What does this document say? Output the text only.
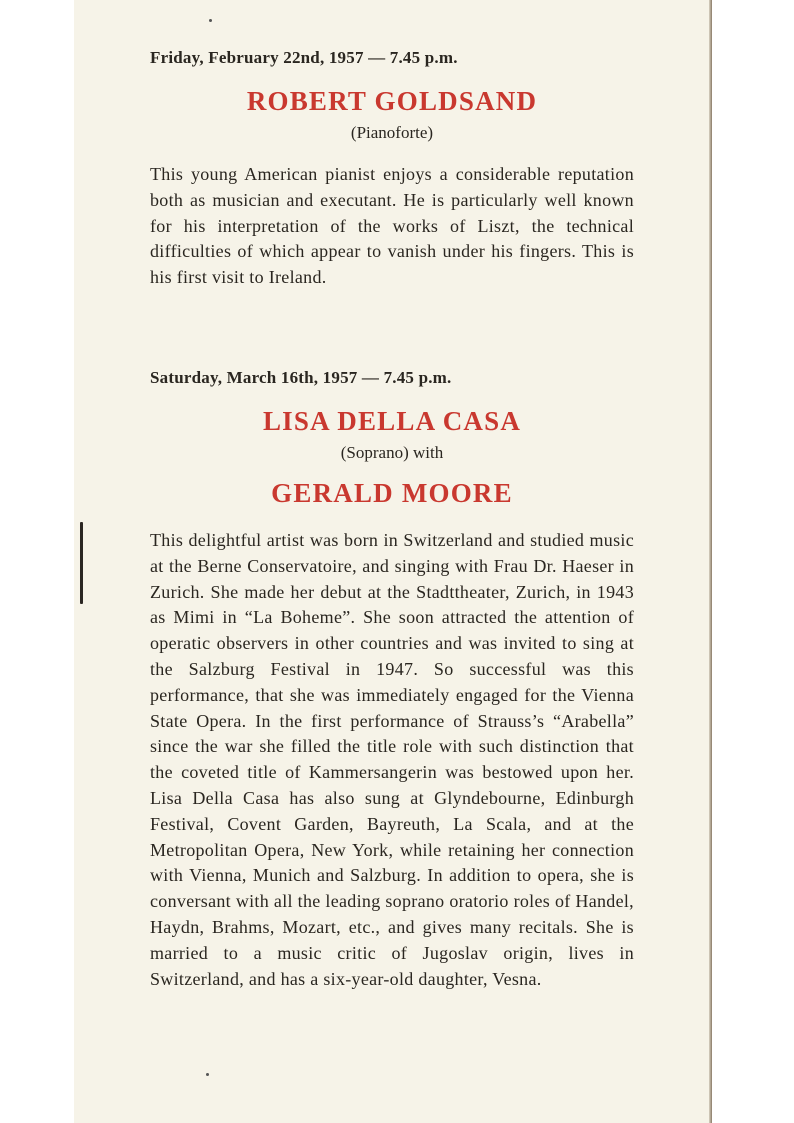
Friday, February 22nd, 1957 — 7.45 p.m.
ROBERT GOLDSAND
(Pianoforte)

This young American pianist enjoys a considerable reputation both as musician and executant. He is particularly well known for his interpretation of the works of Liszt, the technical difficulties of which appear to vanish under his fingers. This is his first visit to Ireland.

Saturday, March 16th, 1957 — 7.45 p.m.
LISA DELLA CASA
(Soprano) with
GERALD MOORE

This delightful artist was born in Switzerland and studied music at the Berne Conservatoire, and singing with Frau Dr. Haeser in Zurich. She made her debut at the Stadttheater, Zurich, in 1943 as Mimi in “La Boheme”. She soon attracted the attention of operatic observers in other countries and was invited to sing at the Salzburg Festival in 1947. So successful was this performance, that she was immediately engaged for the Vienna State Opera. In the first performance of Strauss’s “Arabella” since the war she filled the title role with such distinction that the coveted title of Kammersangerin was bestowed upon her. Lisa Della Casa has also sung at Glyndebourne, Edinburgh Festival, Covent Garden, Bayreuth, La Scala, and at the Metropolitan Opera, New York, while retaining her connection with Vienna, Munich and Salzburg. In addition to opera, she is conversant with all the leading soprano oratorio roles of Handel, Haydn, Brahms, Mozart, etc., and gives many recitals. She is married to a music critic of Jugoslav origin, lives in Switzerland, and has a six-year-old daughter, Vesna.
